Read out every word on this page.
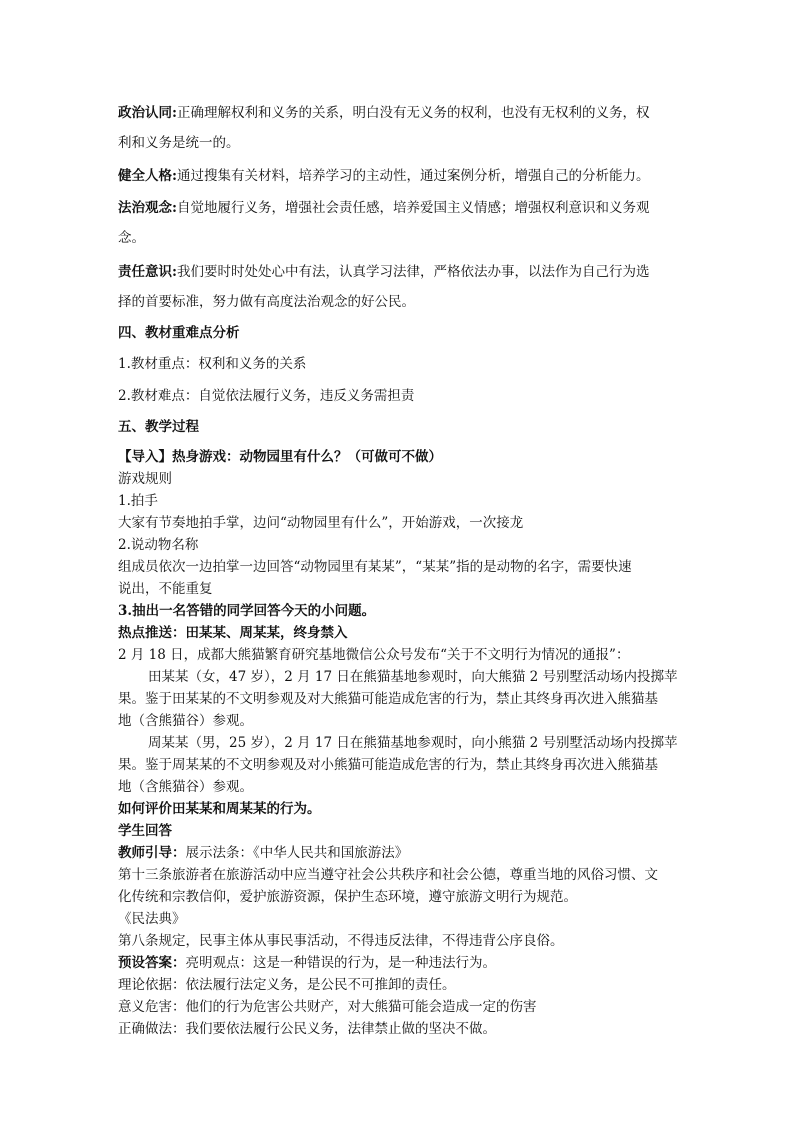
政治认同:正确理解权利和义务的关系，明白没有无义务的权利，也没有无权利的义务，权
利和义务是统一的。
健全人格:通过搜集有关材料，培养学习的主动性，通过案例分析，增强自己的分析能力。
法治观念:自觉地履行义务，增强社会责任感，培养爱国主义情感；增强权利意识和义务观
念。
责任意识:我们要时时处处心中有法，认真学习法律，严格依法办事，以法作为自己行为选
择的首要标准，努力做有高度法治观念的好公民。
四、教材重难点分析
1.教材重点：权利和义务的关系
2.教材难点：自觉依法履行义务，违反义务需担责
五、教学过程
【导入】热身游戏：动物园里有什么？（可做可不做）
游戏规则
1.拍手
大家有节奏地拍手掌，边问“动物园里有什么”，开始游戏，一次接龙
2.说动物名称
组成员依次一边拍掌一边回答“动物园里有某某”，“某某”指的是动物的名字，需要快速
说出，不能重复
3.抽出一名答错的同学回答今天的小问题。
热点推送：田某某、周某某，终身禁入
2 月 18 日，成都大熊猫繁育研究基地微信公众号发布“关于不文明行为情况的通报”：
田某某（女，47 岁），2 月 17 日在熊猫基地参观时，向大熊猫 2 号别墅活动场内投掷苹
果。鉴于田某某的不文明参观及对大熊猫可能造成危害的行为，禁止其终身再次进入熊猫基
地（含熊猫谷）参观。
周某某（男，25 岁），2 月 17 日在熊猫基地参观时，向小熊猫 2 号别墅活动场内投掷苹
果。鉴于周某某的不文明参观及对小熊猫可能造成危害的行为，禁止其终身再次进入熊猫基
地（含熊猫谷）参观。
如何评价田某某和周某某的行为。
学生回答
教师引导：展示法条：《中华人民共和国旅游法》
第十三条旅游者在旅游活动中应当遵守社会公共秩序和社会公德，尊重当地的风俗习惯、文
化传统和宗教信仰，爱护旅游资源，保护生态环境，遵守旅游文明行为规范。
《民法典》
第八条规定，民事主体从事民事活动，不得违反法律，不得违背公序良俗。
预设答案：亮明观点：这是一种错误的行为，是一种违法行为。
理论依据：依法履行法定义务，是公民不可推卸的责任。
意义危害：他们的行为危害公共财产，对大熊猫可能会造成一定的伤害
正确做法：我们要依法履行公民义务，法律禁止做的坚决不做。
